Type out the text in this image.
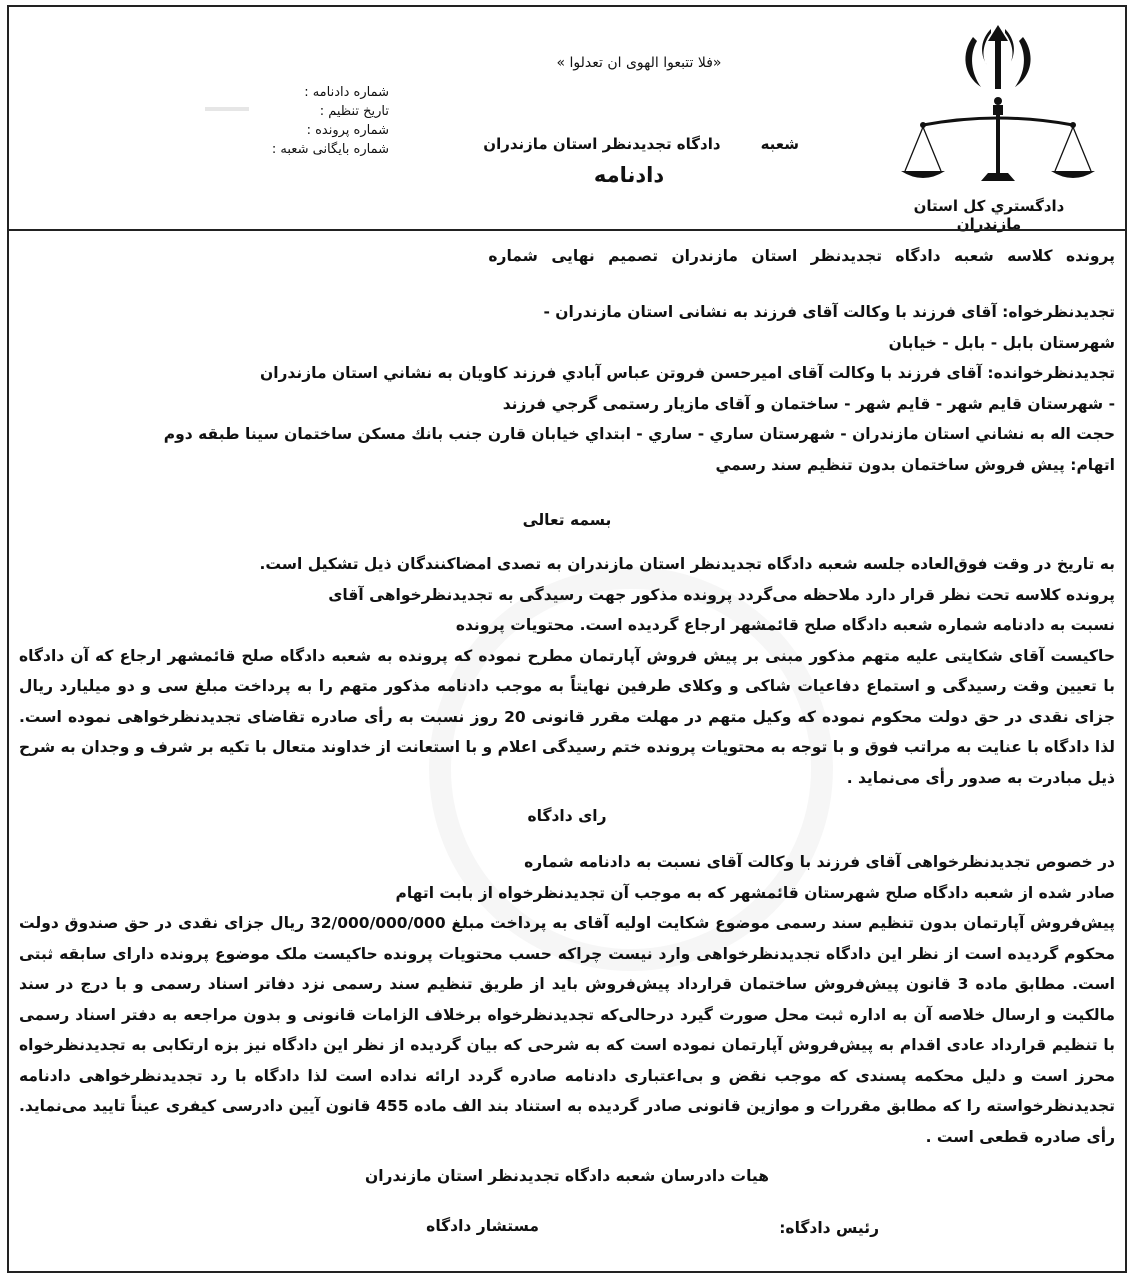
«فلا تتبعوا الهوی ان تعدلوا »
دادگستري كل استان مازندران
شعبهدادگاه تجدیدنظر استان مازندران
دادنامه
شماره دادنامه :
تاریخ تنظیم :
شماره پرونده :
شماره بایگانی شعبه :
پرونده كلاسه شعبه دادگاه تجدیدنظر استان مازندران تصمیم نهایی شماره
تجدیدنظرخواه: آقای فرزند با وكالت آقای فرزند به نشانی استان مازندران -
شهرستان بابل - بابل - خیابان
تجدیدنظرخوانده: آقای فرزند با وكالت آقای امیرحسن فروتن عباس آبادي فرزند كاویان به نشاني استان مازندران
- شهرستان قایم شهر - قایم شهر - ساختمان و آقای مازیار رستمی گرجي فرزند
حجت اله به نشاني استان مازندران - شهرستان ساري - ساري - ابتداي خیابان قارن جنب بانك مسكن ساختمان سینا طبقه دوم
اتهام: پیش فروش ساختمان بدون تنظیم سند رسمي
بسمه تعالی
به تاریخ در وقت فوق‌العاده جلسه شعبه دادگاه تجدیدنظر استان مازندران به تصدی امضاکنندگان ذیل تشکیل است.
پرونده کلاسه تحت نظر قرار دارد ملاحظه می‌گردد پرونده مذکور جهت رسیدگی به تجدیدنظرخواهی آقای
نسبت به دادنامه شماره شعبه دادگاه صلح قائمشهر ارجاع گردیده است. محتویات پرونده
حاکیست آقای شکایتی علیه متهم مذکور مبنی بر پیش فروش آپارتمان مطرح نموده که پرونده به شعبه دادگاه صلح قائمشهر ارجاع که آن دادگاه با تعیین وقت رسیدگی و استماع دفاعیات شاکی و وکلای طرفین نهایتاً به موجب دادنامه مذکور متهم را به پرداخت مبلغ سی و دو میلیارد ریال جزای نقدی در حق دولت محکوم نموده که وکیل متهم در مهلت مقرر قانونی 20 روز نسبت به رأی صادره تقاضای تجدیدنظرخواهی نموده است. لذا دادگاه با عنایت به مراتب فوق و با توجه به محتویات پرونده ختم رسیدگی اعلام و با استعانت از خداوند متعال با تکیه بر شرف و وجدان به شرح ذیل مبادرت به صدور رأی می‌نماید .
رای دادگاه
در خصوص تجدیدنظرخواهی آقای فرزند با وکالت آقای نسبت به دادنامه شماره
صادر شده از شعبه دادگاه صلح شهرستان قائمشهر که به موجب آن تجدیدنظرخواه از بابت اتهام
پیش‌فروش آپارتمان بدون تنظیم سند رسمی موضوع شکایت اولیه آقای به پرداخت مبلغ 32/000/000/000 ریال جزای نقدی در حق صندوق دولت محکوم گردیده است از نظر این دادگاه تجدیدنظرخواهی وارد نیست چراکه حسب محتویات پرونده حاکیست ملک موضوع پرونده دارای سابقه ثبتی است. مطابق ماده 3 قانون پیش‌فروش ساختمان قرارداد پیش‌فروش باید از طریق تنظیم سند رسمی نزد دفاتر اسناد رسمی و با درج در سند مالکیت و ارسال خلاصه آن به اداره ثبت محل صورت گیرد درحالی‌که تجدیدنظرخواه برخلاف الزامات قانونی و بدون مراجعه به دفتر اسناد رسمی با تنظیم قرارداد عادی اقدام به پیش‌فروش آپارتمان نموده است که به شرحی که بیان گردیده از نظر این دادگاه نیز بزه ارتکابی به تجدیدنظرخواه محرز است و دلیل محکمه پسندی که موجب نقض و بی‌اعتباری دادنامه صادره گردد ارائه نداده است لذا دادگاه با رد تجدیدنظرخواهی دادنامه تجدیدنظرخواسته را که مطابق مقررات و موازین قانونی صادر گردیده به استناد بند الف ماده 455 قانون آیین دادرسی کیفری عیناً تایید می‌نماید. رأی صادره قطعی است .
هیات دادرسان شعبه دادگاه تجدیدنظر استان مازندران
رئیس دادگاه:
مستشار دادگاه
